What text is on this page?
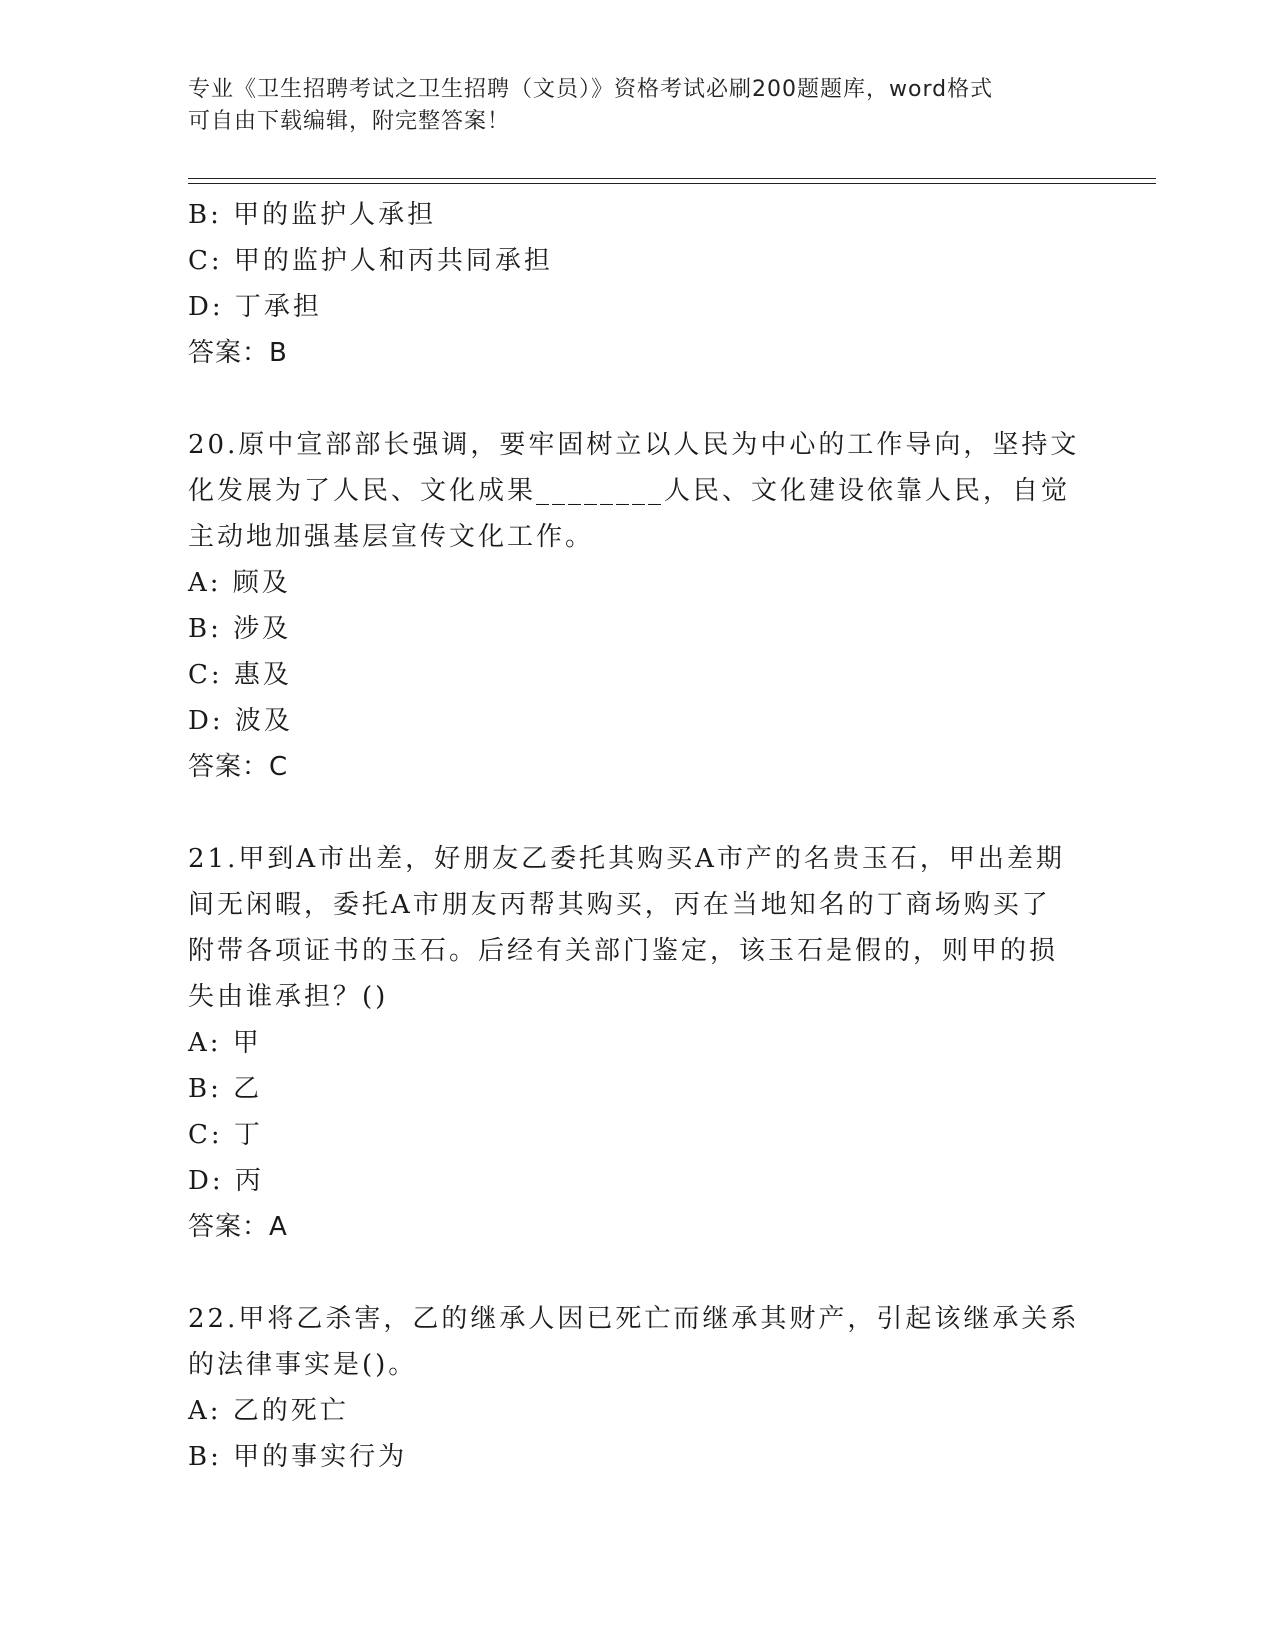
专业《卫生招聘考试之卫生招聘（文员）》资格考试必刷200题题库，word格式
可自由下载编辑，附完整答案！
B: 甲的监护人承担
C: 甲的监护人和丙共同承担
D: 丁承担
答案：B
20.原中宣部部长强调，要牢固树立以人民为中心的工作导向，坚持文
化发展为了人民、文化成果________人民、文化建设依靠人民，自觉
主动地加强基层宣传文化工作。
A: 顾及
B: 涉及
C: 惠及
D: 波及
答案：C
21.甲到A市出差，好朋友乙委托其购买A市产的名贵玉石，甲出差期
间无闲暇，委托A市朋友丙帮其购买，丙在当地知名的丁商场购买了
附带各项证书的玉石。后经有关部门鉴定，该玉石是假的，则甲的损
失由谁承担？()
A: 甲
B: 乙
C: 丁
D: 丙
答案：A
22.甲将乙杀害，乙的继承人因已死亡而继承其财产，引起该继承关系
的法律事实是()。
A: 乙的死亡
B: 甲的事实行为
